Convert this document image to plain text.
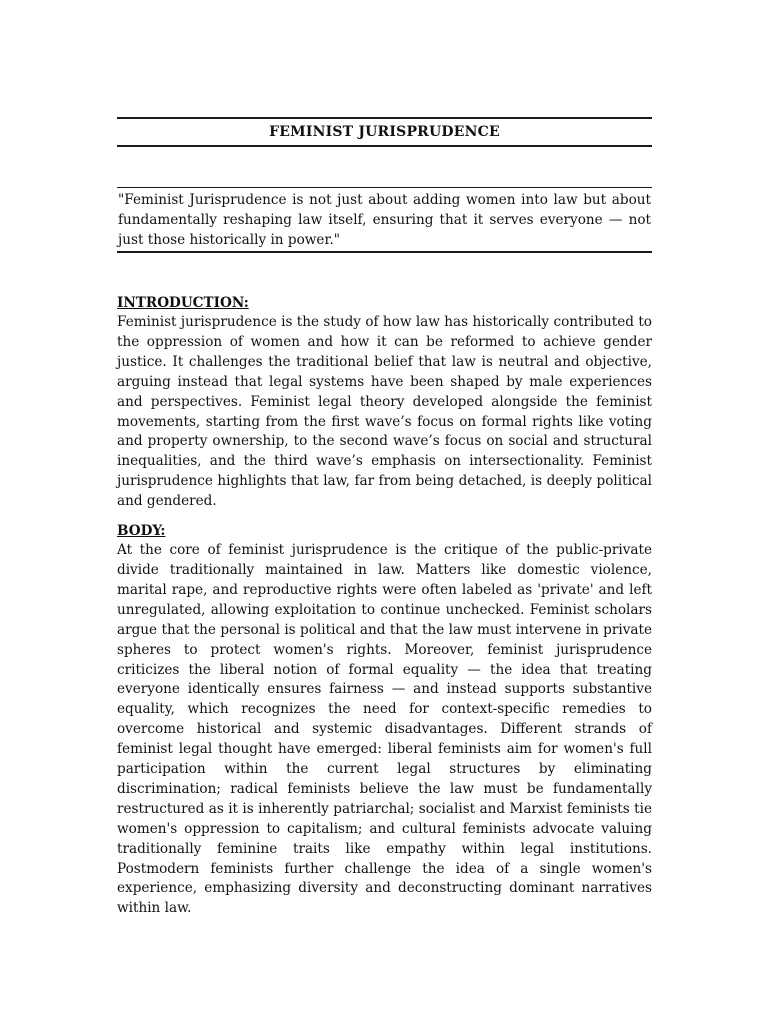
FEMINIST JURISPRUDENCE

"Feminist Jurisprudence is not just about adding women into law but about fundamentally reshaping law itself, ensuring that it serves everyone — not just those historically in power."

INTRODUCTION:

Feminist jurisprudence is the study of how law has historically contributed to the oppression of women and how it can be reformed to achieve gender justice. It challenges the traditional belief that law is neutral and objective, arguing instead that legal systems have been shaped by male experiences and perspectives. Feminist legal theory developed alongside the feminist movements, starting from the first wave’s focus on formal rights like voting and property ownership, to the second wave’s focus on social and structural inequalities, and the third wave’s emphasis on intersectionality. Feminist jurisprudence highlights that law, far from being detached, is deeply political and gendered.

BODY:

At the core of feminist jurisprudence is the critique of the public-private divide traditionally maintained in law. Matters like domestic violence, marital rape, and reproductive rights were often labeled as 'private' and left unregulated, allowing exploitation to continue unchecked. Feminist scholars argue that the personal is political and that the law must intervene in private spheres to protect women's rights. Moreover, feminist jurisprudence criticizes the liberal notion of formal equality — the idea that treating everyone identically ensures fairness — and instead supports substantive equality, which recognizes the need for context-specific remedies to overcome historical and systemic disadvantages. Different strands of feminist legal thought have emerged: liberal feminists aim for women's full participation within the current legal structures by eliminating discrimination; radical feminists believe the law must be fundamentally restructured as it is inherently patriarchal; socialist and Marxist feminists tie women's oppression to capitalism; and cultural feminists advocate valuing traditionally feminine traits like empathy within legal institutions. Postmodern feminists further challenge the idea of a single women's experience, emphasizing diversity and deconstructing dominant narratives within law.
